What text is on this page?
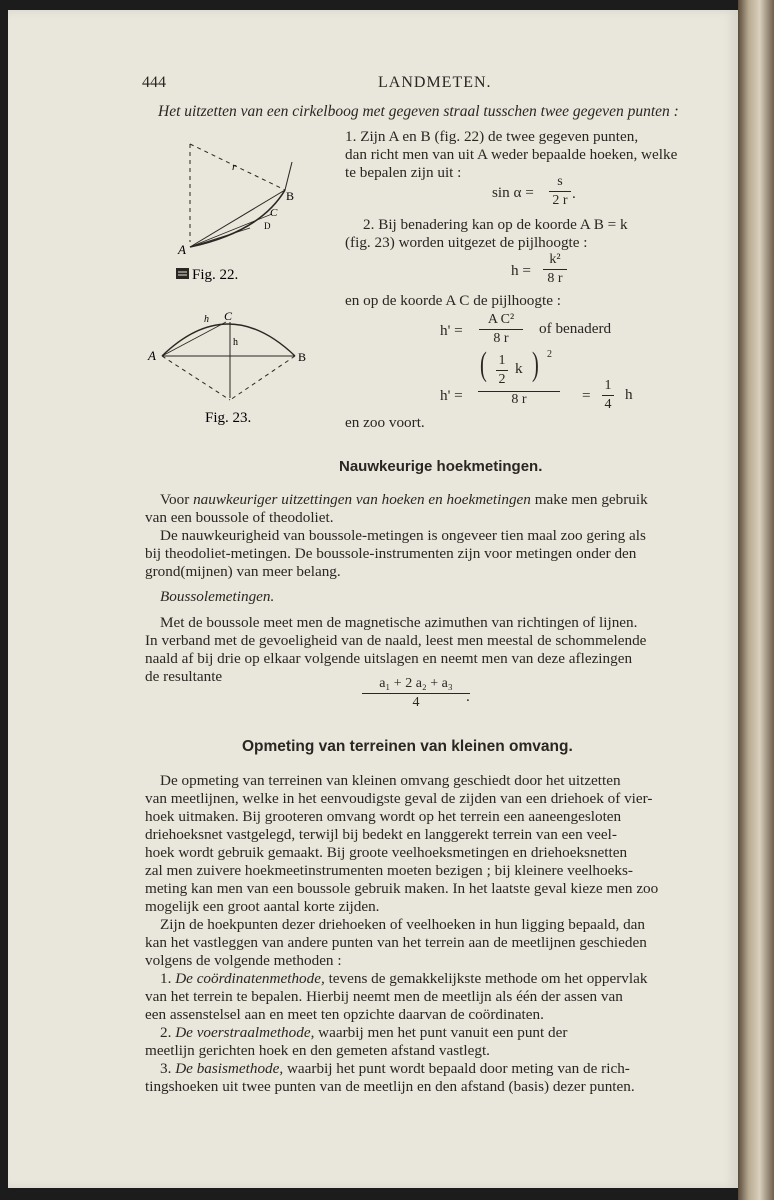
444	LANDMETEN.
Het uitzetten van een cirkelboog met gegeven straal tusschen twee gegeven punten :
1. Zijn A en B (fig. 22) de twee gegeven punten,
dan richt men van uit A weder bepaalde hoeken, welke
te bepalen zijn uit :
sin α =
s
2 r .
2. Bij benadering kan op de koorde A B = k
(fig. 23) worden uitgezet de pijlhoogte :
h =
k²
8 r
en op de koorde A C de pijlhoogte :
h' =
A C²
8 r
of benaderd
h' =
( 1
2
k ) 2
8 r	=
1
4
h
en zoo voort.
A
B
C
D
r
Fig. 22.
A	B
C
h
h
Fig. 23.
Nauwkeurige hoekmetingen.
Voor nauwkeuriger uitzettingen van hoeken en hoekmetingen make men gebruik
van een boussole of theodoliet.
De nauwkeurigheid van boussole-metingen is ongeveer tien maal zoo gering als
bij theodoliet-metingen. De boussole-instrumenten zijn voor metingen onder den
grond(mijnen) van meer belang.
Boussolemetingen.
Met de boussole meet men de magnetische azimuthen van richtingen of lijnen.
In verband met de gevoeligheid van de naald, leest men meestal de schommelende
naald af bij drie op elkaar volgende uitslagen en neemt men van deze aflezingen
de resultante	a₁ + 2 a₂ + a₃
4	.
Opmeting van terreinen van kleinen omvang.
De opmeting van terreinen van kleinen omvang geschiedt door het uitzetten
van meetlijnen, welke in het eenvoudigste geval de zijden van een driehoek of vier-
hoek uitmaken. Bij grooteren omvang wordt op het terrein een aaneengesloten
driehoeksnet vastgelegd, terwijl bij bedekt en langgerekt terrein van een veel-
hoek wordt gebruik gemaakt. Bij groote veelhoeksmetingen en driehoeksnetten
zal men zuivere hoekmeetinstrumenten moeten bezigen ; bij kleinere veelhoeks-
meting kan men van een boussole gebruik maken. In het laatste geval kieze men zoo
mogelijk een groot aantal korte zijden.
Zijn de hoekpunten dezer driehoeken of veelhoeken in hun ligging bepaald, dan
kan het vastleggen van andere punten van het terrein aan de meetlijnen geschieden
volgens de volgende methoden :
1. De coördinatenmethode, tevens de gemakkelijkste methode om het oppervlak
van het terrein te bepalen. Hierbij neemt men de meetlijn als één der assen van
een assenstelsel aan en meet ten opzichte daarvan de coördinaten.
2. De voerstraalmethode, waarbij men het punt vanuit een punt der
meetlijn gerichten hoek en den gemeten afstand vastlegt.
3. De basismethode, waarbij het punt wordt bepaald door meting van de rich-
tingshoeken uit twee punten van de meetlijn en den afstand (basis) dezer punten.
